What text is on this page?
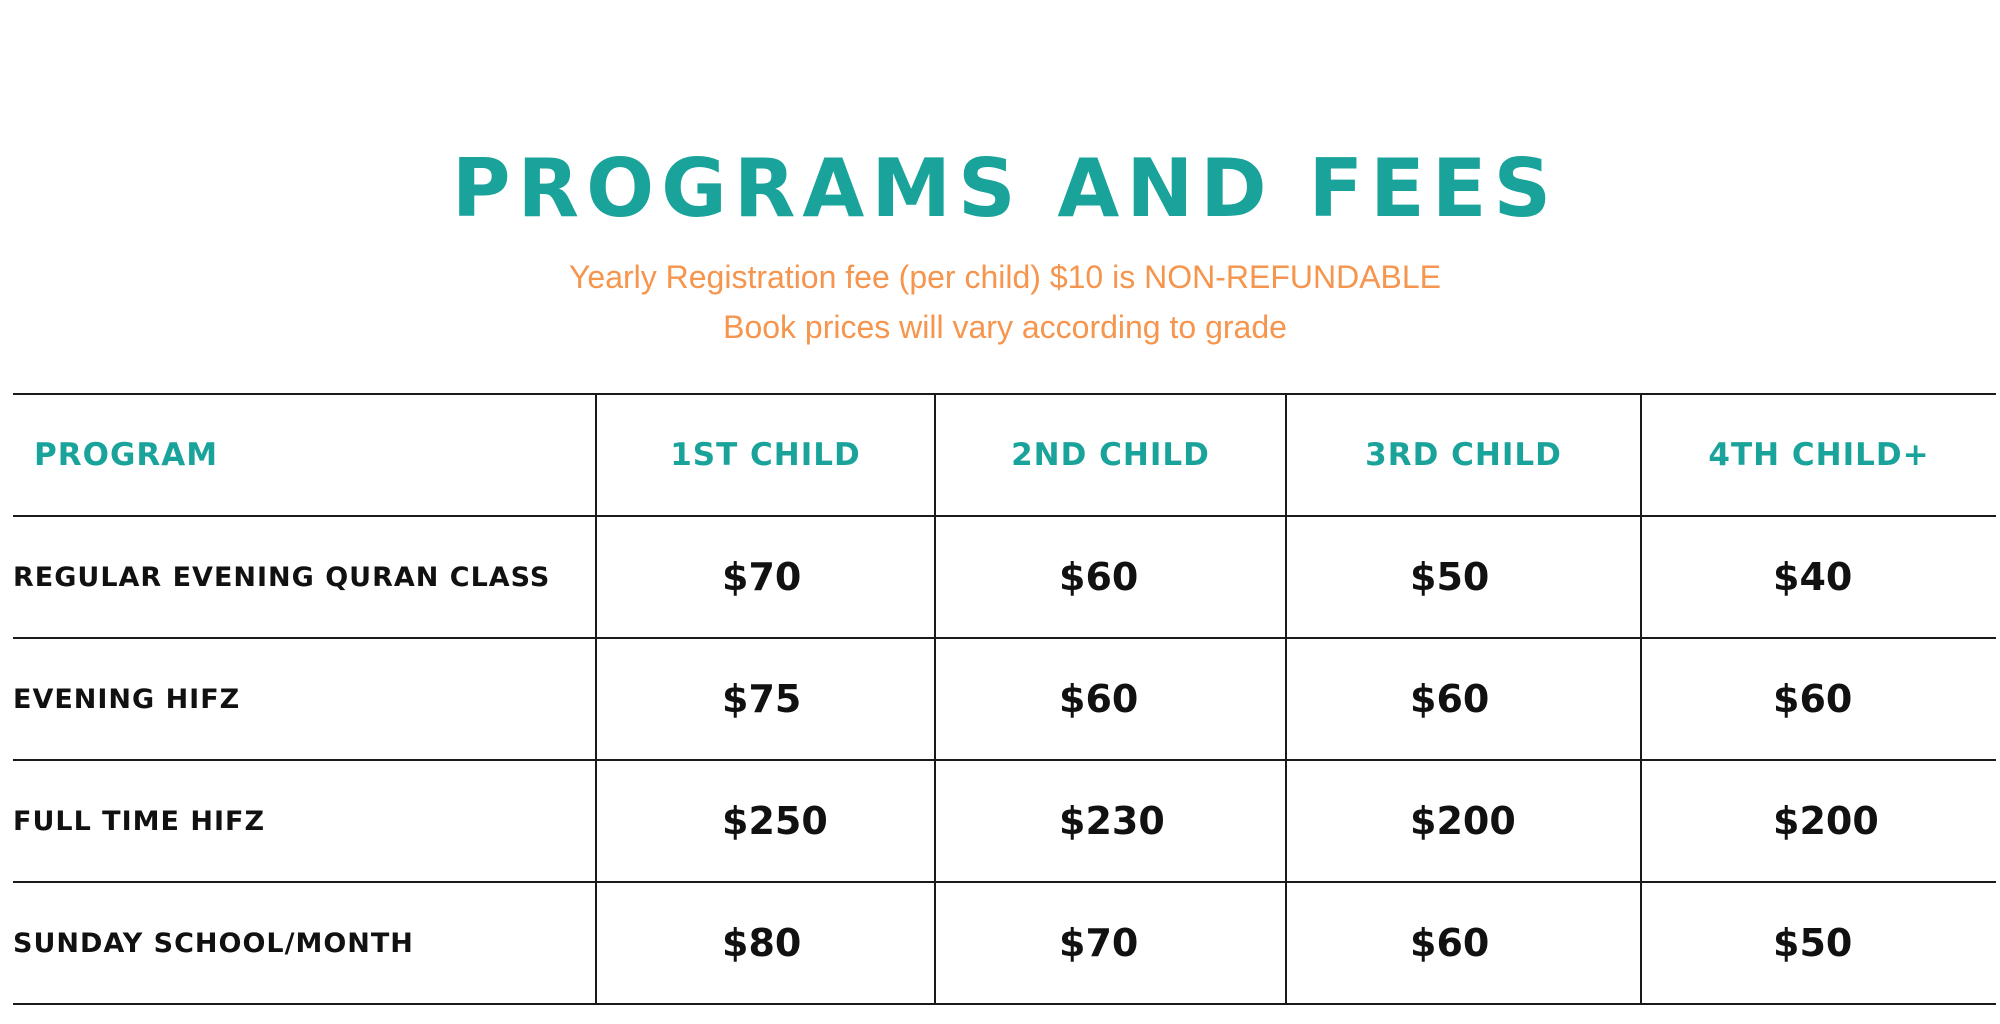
PROGRAMS AND FEES
Yearly Registration fee (per child) $10 is NON-REFUNDABLE
Book prices will vary according to grade
PROGRAM	1ST CHILD	2ND CHILD	3RD CHILD	4TH CHILD+
REGULAR EVENING QURAN CLASS	$70	$60	$50	$40
EVENING HIFZ	$75	$60	$60	$60
FULL TIME HIFZ	$250	$230	$200	$200
SUNDAY SCHOOL/MONTH	$80	$70	$60	$50
